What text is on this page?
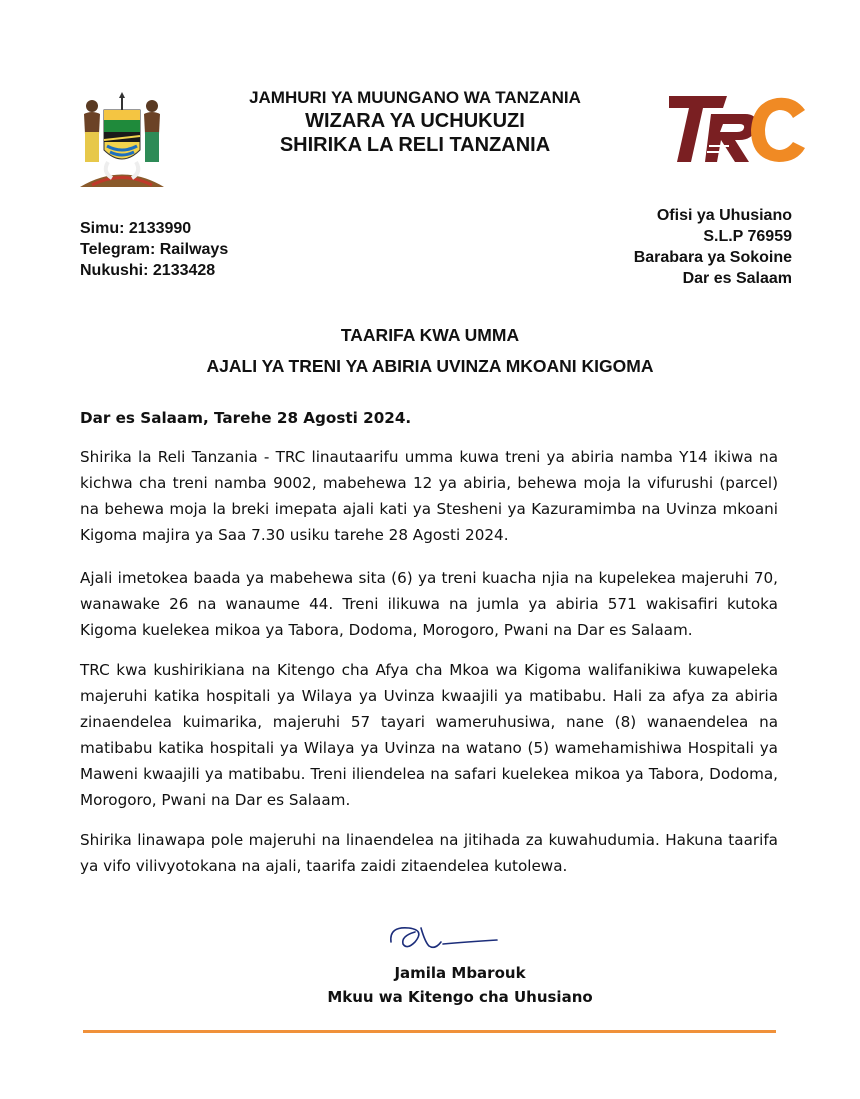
JAMHURI YA MUUNGANO WA TANZANIA
WIZARA YA UCHUKUZI
SHIRIKA LA RELI TANZANIA
Simu: 2133990
Telegram: Railways
Nukushi: 2133428
Ofisi ya Uhusiano
S.L.P 76959
Barabara ya Sokoine
Dar es Salaam
TAARIFA KWA UMMA
AJALI YA TRENI YA ABIRIA UVINZA MKOANI KIGOMA
Dar es Salaam, Tarehe 28 Agosti 2024.
Shirika la Reli Tanzania - TRC linautaarifu umma kuwa treni ya abiria namba Y14 ikiwa na kichwa cha treni namba 9002, mabehewa 12 ya abiria, behewa moja la vifurushi (parcel) na behewa moja la breki imepata ajali kati ya Stesheni ya Kazuramimba na Uvinza mkoani Kigoma majira ya Saa 7.30 usiku tarehe 28 Agosti 2024.
Ajali imetokea baada ya mabehewa sita (6) ya treni kuacha njia na kupelekea majeruhi 70, wanawake 26 na wanaume 44. Treni ilikuwa na jumla ya abiria 571 wakisafiri kutoka Kigoma kuelekea mikoa ya Tabora, Dodoma, Morogoro, Pwani na Dar es Salaam.
TRC kwa kushirikiana na Kitengo cha Afya cha Mkoa wa Kigoma walifanikiwa kuwapeleka majeruhi katika hospitali ya Wilaya ya Uvinza kwaajili ya matibabu. Hali za afya za abiria zinaendelea kuimarika, majeruhi 57 tayari wameruhusiwa, nane (8) wanaendelea na matibabu katika hospitali ya Wilaya ya Uvinza na watano (5) wamehamishiwa Hospitali ya Maweni kwaajili ya matibabu. Treni iliendelea na safari kuelekea mikoa ya Tabora, Dodoma, Morogoro, Pwani na Dar es Salaam.
Shirika linawapa pole majeruhi na linaendelea na jitihada za kuwahudumia. Hakuna taarifa ya vifo vilivyotokana na ajali, taarifa zaidi zitaendelea kutolewa.
Jamila Mbarouk
Mkuu wa Kitengo cha Uhusiano
